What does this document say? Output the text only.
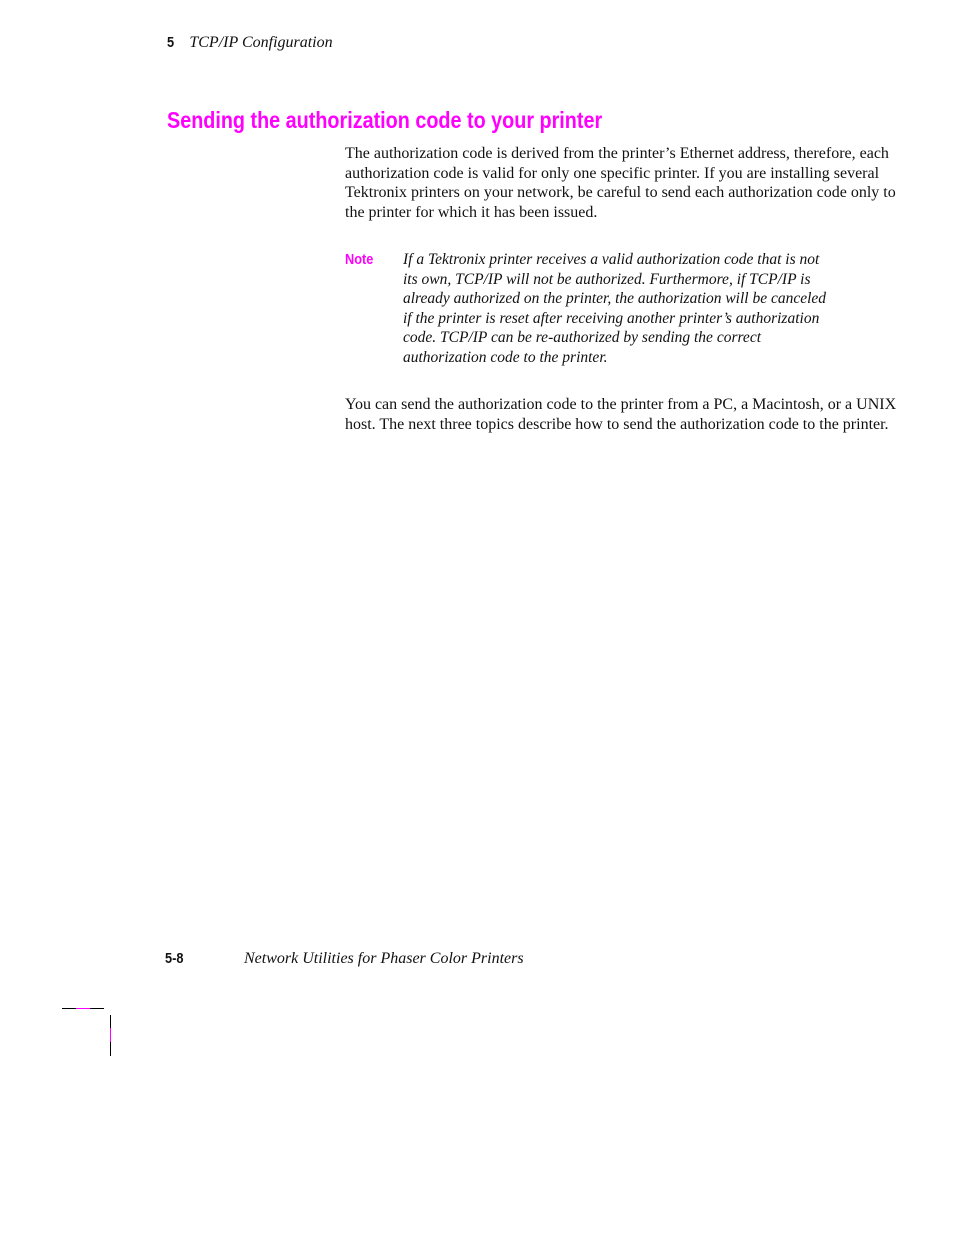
5 TCP/IP Configuration
Sending the authorization code to your printer

The authorization code is derived from the printer’s Ethernet address, therefore, each authorization code is valid for only one specific printer. If you are installing several Tektronix printers on your network, be careful to send each authorization code only to the printer for which it has been issued.

Note If a Tektronix printer receives a valid authorization code that is not its own, TCP/IP will not be authorized. Furthermore, if TCP/IP is already authorized on the printer, the authorization will be canceled if the printer is reset after receiving another printer’s authorization code. TCP/IP can be re-authorized by sending the correct authorization code to the printer.

You can send the authorization code to the printer from a PC, a Macintosh, or a UNIX host. The next three topics describe how to send the authorization code to the printer.

5-8	Network Utilities for Phaser Color Printers
